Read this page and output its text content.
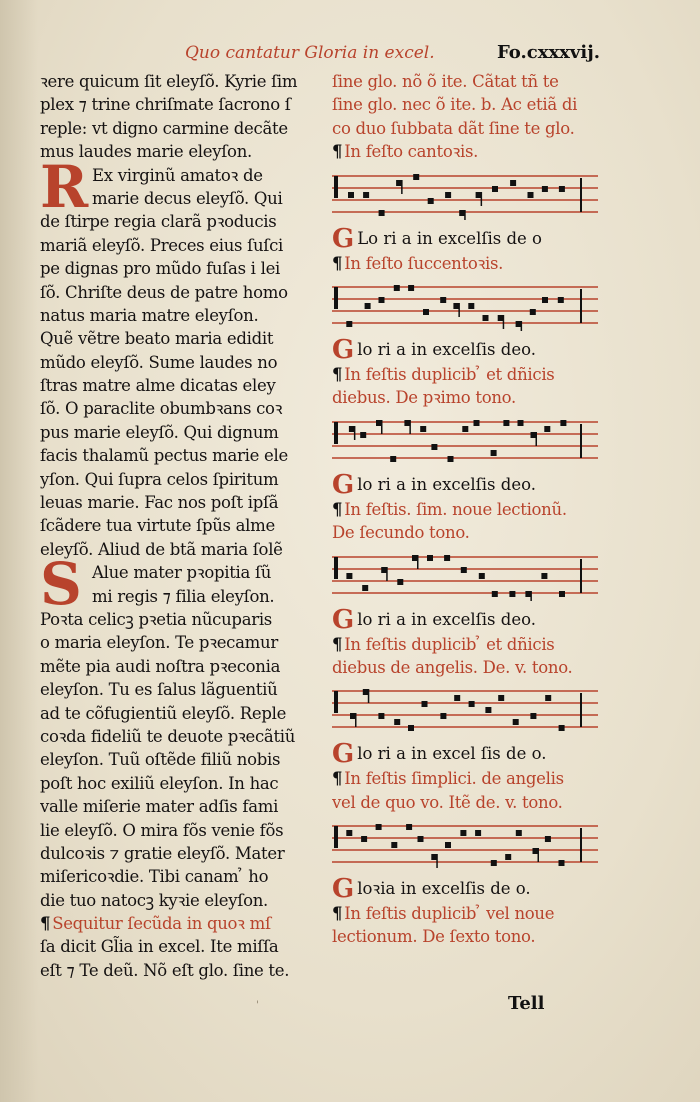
Quo cantatur Gloria in excel.	Fo.cxxxvij.
ꝛere quicum ſit eleyſõ. Kyrie ſim
plex ⁊ trine chriſmate ſacrono ſ
reple: vt digno carmine decãte
mus laudes marie eleyſon.
Ex virginũ amatoꝛ de
R marie decus eleyſõ. Qui
de ſtirpe regia clarã pꝛoducis
mariã eleyſõ. Preces eius ſuſci
pe dignas pro mũdo fuſas i lei
ſõ. Chriſte deus de patre homo
natus maria matre eleyſon.
Quẽ vẽtre beato maria edidit
mũdo eleyſõ. Sume laudes no
ſtras matre alme dicatas eley
ſõ. O paraclite obumbꝛans coꝛ
pus marie eleyſõ. Qui dignum
facis thalamũ pectus marie ele
yſon. Qui ſupra celos ſpiritum
leuas marie. Fac nos poſt ipſã
ſcãdere tua virtute ſpũs alme
eleyſõ. Aliud de btã maria ſolẽ
Alue mater pꝛopitia ſũ
S mi regis ⁊ filia eleyſon.
Poꝛta celicꝫ pꝛetia nũcuparis
o maria eleyſon. Te pꝛecamur
mẽte pia audi noſtra pꝛeconia
eleyſon. Tu es ſalus lãguentiũ
ad te cõfugientiũ eleyſõ. Reple
coꝛda fideliũ te deuote pꝛecãtiũ
eleyſon. Tuũ oſtẽde filiũ nobis
poſt hoc exiliũ eleyſon. In hac
valle miſerie mater adſis fami
lie eleyſõ. O mira fõs venie fõs
dulcoꝛis ⁊ gratie eleyſõ. Mater
miſericoꝛdie. Tibi canam ̉ ho
die tuo natocꝫ kyꝛie eleyſon.
¶ Sequitur ſecũda in quoꝛ mſ
ſa dicit Gl̃ia in excel. Ite miſſa
eſt ⁊ Te deũ. Nõ eſt glo. ſine te.
ſine glo. nõ õ ite. Cãtat tñ te
ſine glo. nec õ ite. b. Ac etiã di
co duo ſubbata dãt ſine te glo.
¶ In feſto cantoꝛis.
G Lo ri a in excelſis de o
¶ In feſto ſuccentoꝛis.
Glo ri a in excelſis deo.
¶ In feſtis duplicib ̉ et dñicis
diebus. De pꝛimo tono.
Glo ri a in excelſis deo.
¶ In feſtis. ſim. noue lectionũ.
De ſecundo tono.
Glo ri a in excelſis deo.
¶ In feſtis duplicib ̉ et dñicis
diebus de angelis. De. v. tono.
Glo ri a in excel ſis de o.
¶ In feſtis ſimplici. de angelis
vel de quo vo. Itẽ de. v. tono.
Gloꝛia in excelſis de o.
¶ In feſtis duplicib ̉ vel noue
lectionum. De ſexto tono.
Tell
'
